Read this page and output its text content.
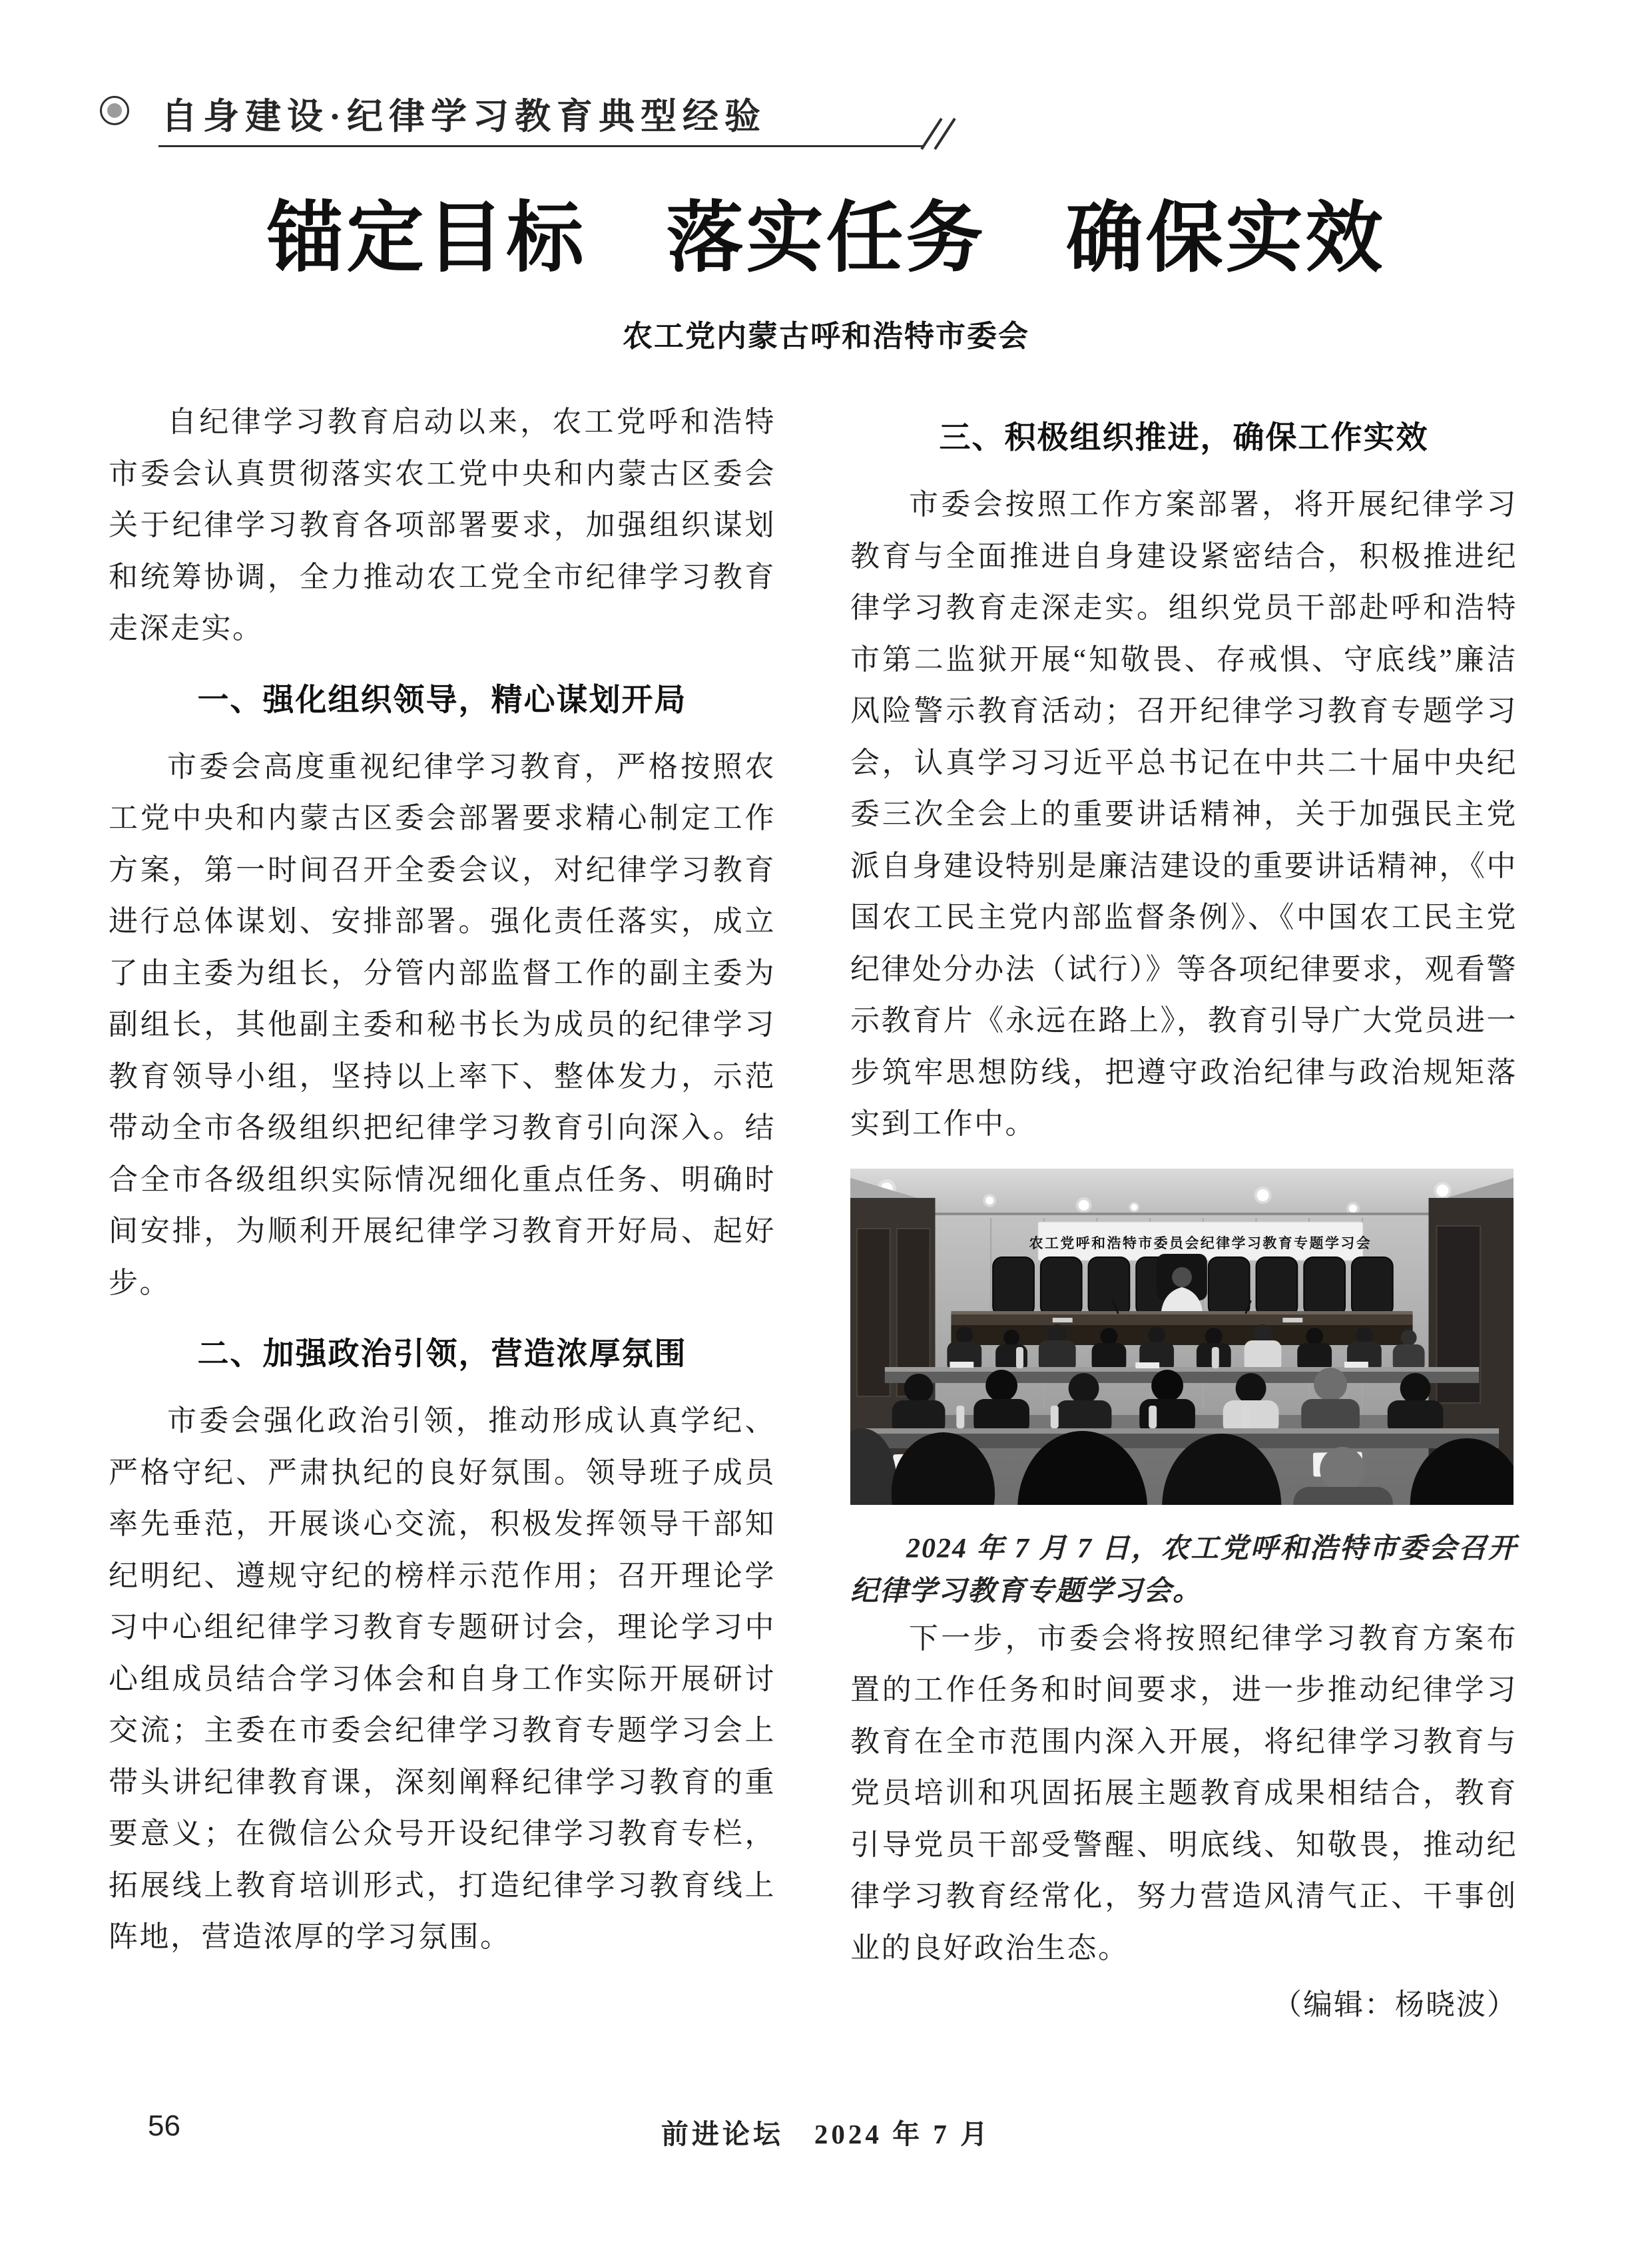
自身建设·纪律学习教育典型经验
锚定目标　落实任务　确保实效
农工党内蒙古呼和浩特市委会

自纪律学习教育启动以来，农工党呼和浩特市委会认真贯彻落实农工党中央和内蒙古区委会关于纪律学习教育各项部署要求，加强组织谋划和统筹协调，全力推动农工党全市纪律学习教育走深走实。

一、强化组织领导，精心谋划开局

市委会高度重视纪律学习教育，严格按照农工党中央和内蒙古区委会部署要求精心制定工作方案，第一时间召开全委会议，对纪律学习教育进行总体谋划、安排部署。强化责任落实，成立了由主委为组长，分管内部监督工作的副主委为副组长，其他副主委和秘书长为成员的纪律学习教育领导小组，坚持以上率下、整体发力，示范带动全市各级组织把纪律学习教育引向深入。结合全市各级组织实际情况细化重点任务、明确时间安排，为顺利开展纪律学习教育开好局、起好步。

二、加强政治引领，营造浓厚氛围

市委会强化政治引领，推动形成认真学纪、严格守纪、严肃执纪的良好氛围。领导班子成员率先垂范，开展谈心交流，积极发挥领导干部知纪明纪、遵规守纪的榜样示范作用；召开理论学习中心组纪律学习教育专题研讨会，理论学习中心组成员结合学习体会和自身工作实际开展研讨交流；主委在市委会纪律学习教育专题学习会上带头讲纪律教育课，深刻阐释纪律学习教育的重要意义；在微信公众号开设纪律学习教育专栏，拓展线上教育培训形式，打造纪律学习教育线上阵地，营造浓厚的学习氛围。

三、积极组织推进，确保工作实效

市委会按照工作方案部署，将开展纪律学习教育与全面推进自身建设紧密结合，积极推进纪律学习教育走深走实。组织党员干部赴呼和浩特市第二监狱开展“知敬畏、存戒惧、守底线”廉洁风险警示教育活动；召开纪律学习教育专题学习会，认真学习习近平总书记在中共二十届中央纪委三次全会上的重要讲话精神，关于加强民主党派自身建设特别是廉洁建设的重要讲话精神，《中国农工民主党内部监督条例》、《中国农工民主党纪律处分办法（试行）》等各项纪律要求，观看警示教育片《永远在路上》，教育引导广大党员进一步筑牢思想防线，把遵守政治纪律与政治规矩落实到工作中。

农工党呼和浩特市委员会纪律学习教育专题学习会

2024 年 7 月 7 日，农工党呼和浩特市委会召开纪律学习教育专题学习会。

下一步，市委会将按照纪律学习教育方案布置的工作任务和时间要求，进一步推动纪律学习教育在全市范围内深入开展，将纪律学习教育与党员培训和巩固拓展主题教育成果相结合，教育引导党员干部受警醒、明底线、知敬畏，推动纪律学习教育经常化，努力营造风清气正、干事创业的良好政治生态。

（编辑：杨晓波）

56	前进论坛　2024 年 7 月
